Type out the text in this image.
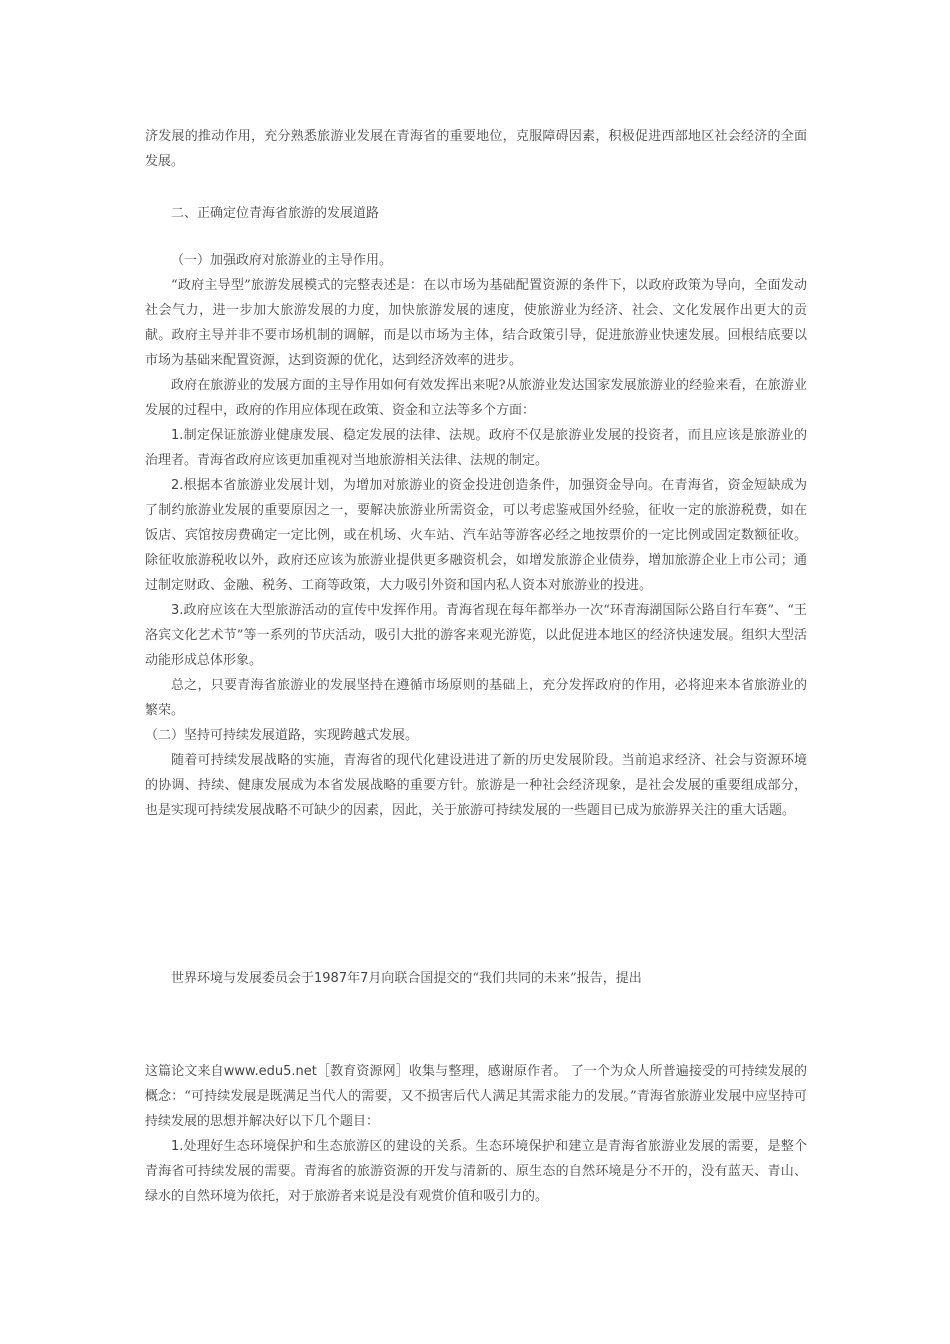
济发展的推动作用，充分熟悉旅游业发展在青海省的重要地位，克服障碍因素，积极促进西部地区社会经济的全面发展。

二、正确定位青海省旅游的发展道路

（一）加强政府对旅游业的主导作用。

“政府主导型”旅游发展模式的完整表述是：在以市场为基础配置资源的条件下，以政府政策为导向，全面发动社会气力，进一步加大旅游发展的力度，加快旅游发展的速度，使旅游业为经济、社会、文化发展作出更大的贡献。政府主导并非不要市场机制的调解，而是以市场为主体，结合政策引导，促进旅游业快速发展。回根结底要以市场为基础来配置资源，达到资源的优化，达到经济效率的进步。

政府在旅游业的发展方面的主导作用如何有效发挥出来呢?从旅游业发达国家发展旅游业的经验来看，在旅游业发展的过程中，政府的作用应体现在政策、资金和立法等多个方面：

1.制定保证旅游业健康发展、稳定发展的法律、法规。政府不仅是旅游业发展的投资者，而且应该是旅游业的治理者。青海省政府应该更加重视对当地旅游相关法律、法规的制定。

2.根据本省旅游业发展计划，为增加对旅游业的资金投进创造条件，加强资金导向。在青海省，资金短缺成为了制约旅游业发展的重要原因之一，要解决旅游业所需资金，可以考虑鉴戒国外经验，征收一定的旅游税费，如在饭店、宾馆按房费确定一定比例，或在机场、火车站、汽车站等游客必经之地按票价的一定比例或固定数额征收。除征收旅游税收以外，政府还应该为旅游业提供更多融资机会，如增发旅游企业债券，增加旅游企业上市公司；通过制定财政、金融、税务、工商等政策，大力吸引外资和国内私人资本对旅游业的投进。

3.政府应该在大型旅游活动的宣传中发挥作用。青海省现在每年都举办一次“环青海湖国际公路自行车赛”、“王洛宾文化艺术节”等一系列的节庆活动，吸引大批的游客来观光游览，以此促进本地区的经济快速发展。组织大型活动能形成总体形象。

总之，只要青海省旅游业的发展坚持在遵循市场原则的基础上，充分发挥政府的作用，必将迎来本省旅游业的繁荣。

（二）坚持可持续发展道路，实现跨越式发展。

随着可持续发展战略的实施，青海省的现代化建设进进了新的历史发展阶段。当前追求经济、社会与资源环境的协调、持续、健康发展成为本省发展战略的重要方针。旅游是一种社会经济现象，是社会发展的重要组成部分，也是实现可持续发展战略不可缺少的因素，因此，关于旅游可持续发展的一些题目已成为旅游界关注的重大话题。

世界环境与发展委员会于1987年7月向联合国提交的“我们共同的未来”报告，提出

这篇论文来自www.edu5.net［教育资源网］收集与整理，感谢原作者。 了一个为众人所普遍接受的可持续发展的概念：“可持续发展是既满足当代人的需要，又不损害后代人满足其需求能力的发展。”青海省旅游业发展中应坚持可持续发展的思想并解决好以下几个题目：

1.处理好生态环境保护和生态旅游区的建设的关系。生态环境保护和建立是青海省旅游业发展的需要，是整个青海省可持续发展的需要。青海省的旅游资源的开发与清新的、原生态的自然环境是分不开的，没有蓝天、青山、绿水的自然环境为依托，对于旅游者来说是没有观赏价值和吸引力的。
